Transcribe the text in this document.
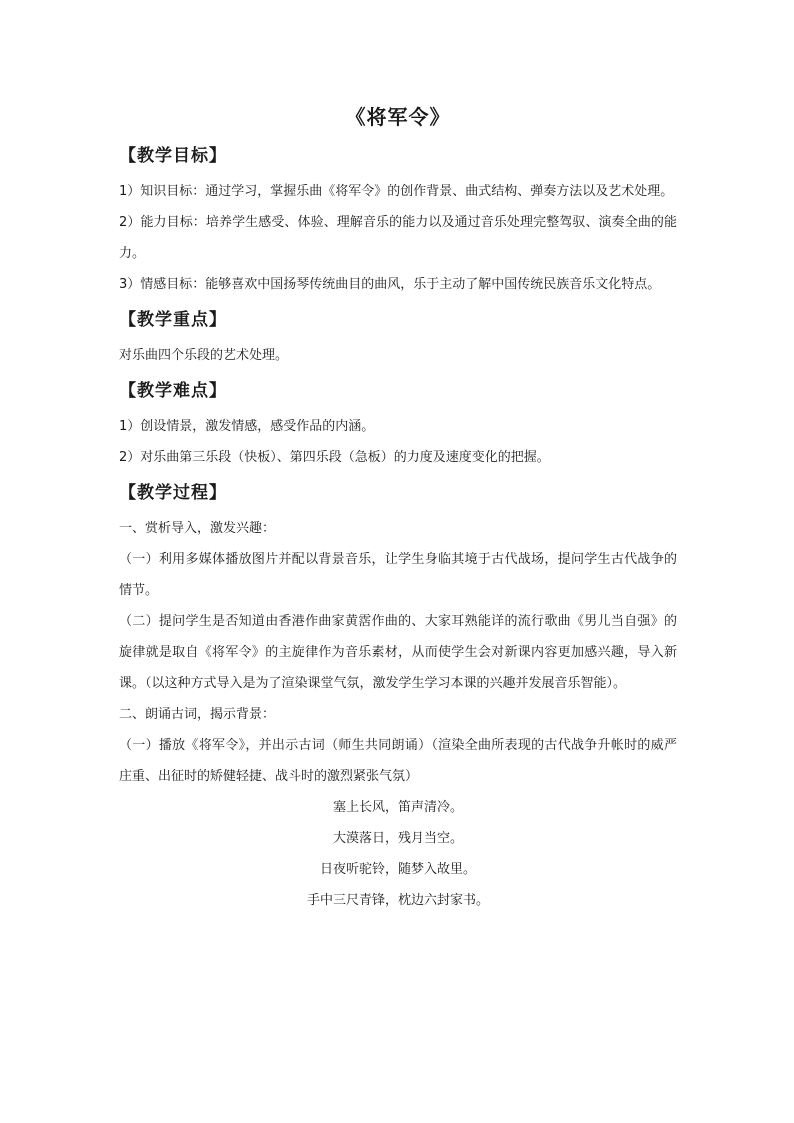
《将军令》
【教学目标】

1）知识目标：通过学习，掌握乐曲《将军令》的创作背景、曲式结构、弹奏方法以及艺术处理。

2）能力目标：培养学生感受、体验、理解音乐的能力以及通过音乐处理完整驾驭、演奏全曲的能力。

3）情感目标：能够喜欢中国扬琴传统曲目的曲风，乐于主动了解中国传统民族音乐文化特点。

【教学重点】

对乐曲四个乐段的艺术处理。

【教学难点】

1）创设情景，激发情感，感受作品的内涵。

2）对乐曲第三乐段（快板）、第四乐段（急板）的力度及速度变化的把握。

【教学过程】

一、赏析导入，激发兴趣：

（一）利用多媒体播放图片并配以背景音乐，让学生身临其境于古代战场，提问学生古代战争的情节。

（二）提问学生是否知道由香港作曲家黄霑作曲的、大家耳熟能详的流行歌曲《男儿当自强》的旋律就是取自《将军令》的主旋律作为音乐素材，从而使学生会对新课内容更加感兴趣，导入新课。（以这种方式导入是为了渲染课堂气氛，激发学生学习本课的兴趣并发展音乐智能）。

二、朗诵古词，揭示背景：

（一）播放《将军令》，并出示古词（师生共同朗诵）（渲染全曲所表现的古代战争升帐时的威严庄重、出征时的矫健轻捷、战斗时的激烈紧张气氛）

塞上长风，笛声清冷。

大漠落日，残月当空。

日夜听驼铃，随梦入故里。

手中三尺青锋，枕边六封家书。
